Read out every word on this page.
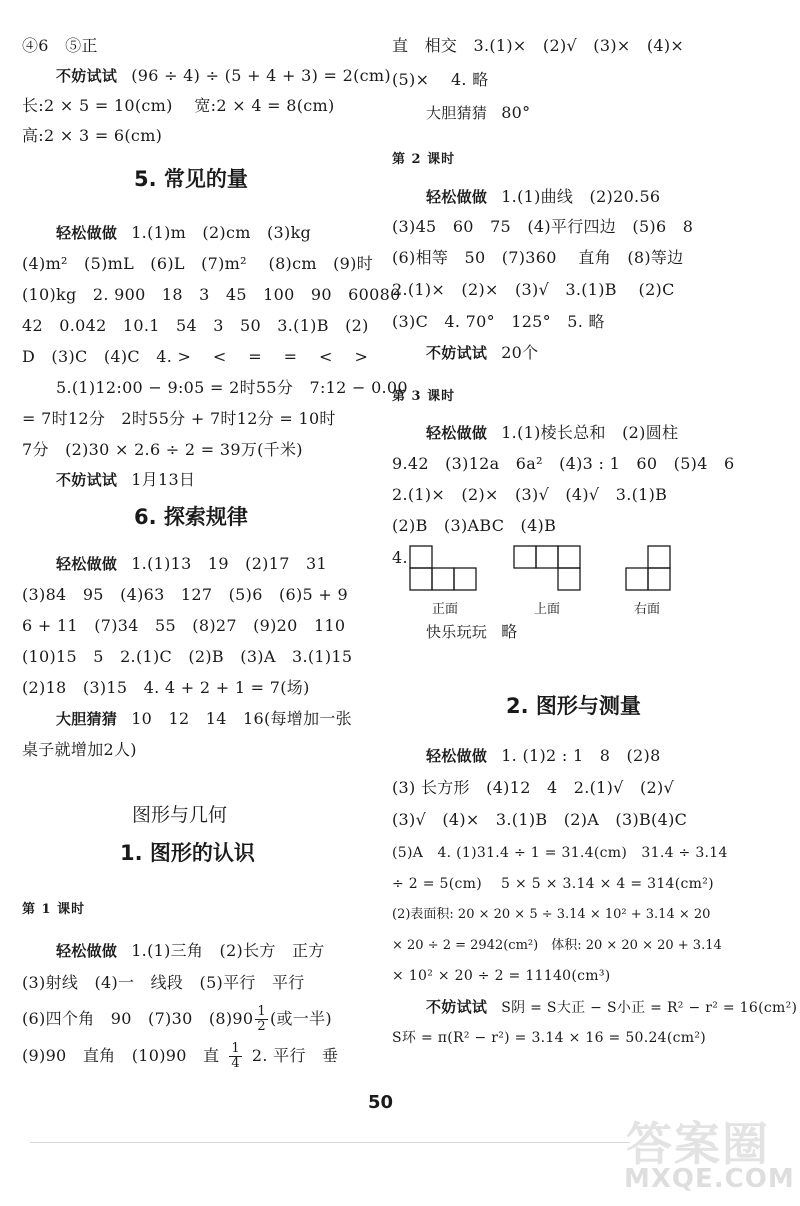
④6　⑤正
不妨试试 (96 ÷ 4) ÷ (5 + 4 + 3) = 2(cm)
长:2 × 5 = 10(cm)　 宽:2 × 4 = 8(cm)
高:2 × 3 = 6(cm)
5. 常见的量
轻松做做 1.(1)m　(2)cm　(3)kg
(4)m²　(5)mL　(6)L　(7)m²　 (8)cm　(9)时
(10)kg　2. 900　18　3　45　100　90　60080
42　0.042　10.1　54　3　50　3.(1)B　(2)
D　(3)C　(4)C　4. >　 <　 =　 =　 <　 >
5.(1)12:00 − 9:05 = 2时55分　7:12 − 0.00
= 7时12分　2时55分 + 7时12分 = 10时
7分　(2)30 × 2.6 ÷ 2 = 39万(千米)
不妨试试 1月13日
6. 探索规律
轻松做做 1.(1)13　19　(2)17　31
(3)84　95　(4)63　127　(5)6　(6)5 + 9
6 + 11　(7)34　55　(8)27　(9)20　110
(10)15　5　2.(1)C　(2)B　(3)A　3.(1)15
(2)18　(3)15　4. 4 + 2 + 1 = 7(场)
大胆猜猜 10　12　14　16(每增加一张
桌子就增加2人)
图形与几何
1. 图形的认识
第 1 课时
轻松做做 1.(1)三角　(2)长方　正方
(3)射线　(4)一　线段　(5)平行　平行
(6)四个角　90　(7)30　$(8)90 \frac{1}{2}$ (或一半)
(9)90　直角　(10)90　直 $\frac{1}{4} 2$. 平行　垂
直　相交　3.(1)×　(2)√　(3)×　(4)×
(5)×　 4. 略
大胆猜猜 80°
第 2 课时
轻松做做 1.(1)曲线　(2)20.56
(3)45　60　75　(4)平行四边　(5)6　8
(6)相等　50　(7)360　 直角　(8)等边
2.(1)×　(2)×　(3)√　3.(1)B　 (2)C
(3)C　4. 70°　125°　5. 略
不妨试试 20个
第 3 课时
轻松做做 1.(1)棱长总和　(2)圆柱
9.42　(3)12a　6a²　(4)3 : 1　60　(5)4　6
2.(1)×　(2)×　(3)√　(4)√　3.(1)B
(2)B　(3)ABC　(4)B
4.
正面	上面	右面
快乐玩玩 略
2. 图形与测量
轻松做做 1. (1)2 : 1　8　(2)8
(3) 长方形　(4)12　4　2.(1)√　(2)√
(3)√　(4)×　3.(1)B　(2)A　(3)B(4)C
(5)A　4. (1)31.4 ÷ 1 = 31.4(cm)　31.4 ÷ 3.14
÷ 2 = 5(cm)　 5 × 5 × 3.14 × 4 = 314(cm²)
(2)表面积: 20 × 20 × 5 ÷ 3.14 × 10² + 3.14 × 20
× 20 ÷ 2 = 2942(cm²)　体积: 20 × 20 × 20 + 3.14
× 10² × 20 ÷ 2 = 11140(cm³)
不妨试试 S阴 = S大正 − S小正 = R² − r² = 16(cm²)
S环 = π(R² − r²) = 3.14 × 16 = 50.24(cm²)
50
答案圈
MXQE.COM
